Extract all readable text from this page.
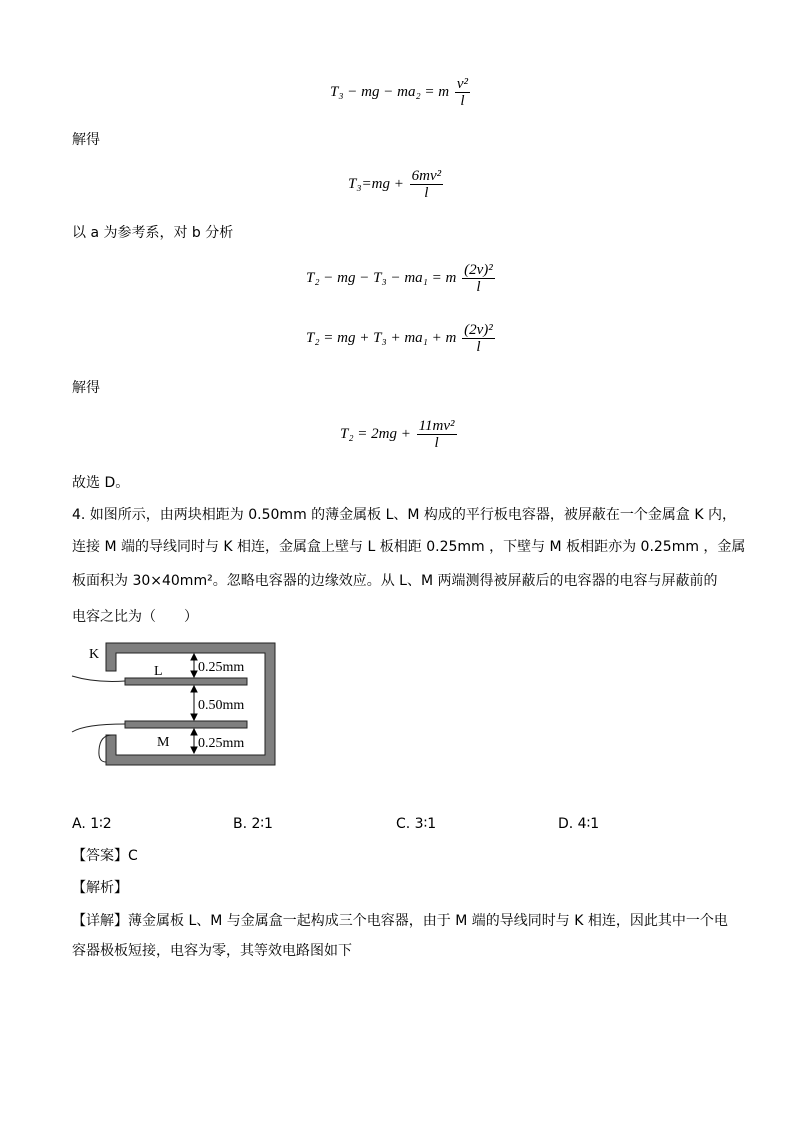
T₃ − mg − ma₂ = m $\frac{\text{v²}}{l}$
解得
$T_3=mg + \frac{\text{6mv²}}{l}$
以 a 为参考系，对 b 分析
T₂ − mg − T₃ − ma₁ = m $\frac{\text{(2v)²}}{l}$
T₂ = mg + T₃ + ma₁ + m $\frac{\text{(2v)²}}{l}$
解得
$T_2 = 2mg + \frac{\text{11mv²}}{l}$
故选 D。
4. 如图所示，由两块相距为 0.50mm 的薄金属板 L、M 构成的平行板电容器，被屏蔽在一个金属盒 K 内，
连接 M 端的导线同时与 K 相连，金属盒上壁与 L 板相距 0.25mm ，下壁与 M 板相距亦为 0.25mm ，金属
板面积为 30×40mm²。忽略电容器的边缘效应。从 L、M 两端测得被屏蔽后的电容器的电容与屏蔽前的
电容之比为（　　）
K
L
M
0.25mm
0.50mm
0.25mm
A. 1∶2	B. 2∶1	C. 3∶1	D. 4∶1
【答案】C
【解析】
【详解】薄金属板 L、M 与金属盒一起构成三个电容器，由于 M 端的导线同时与 K 相连，因此其中一个电
容器极板短接，电容为零，其等效电路图如下
